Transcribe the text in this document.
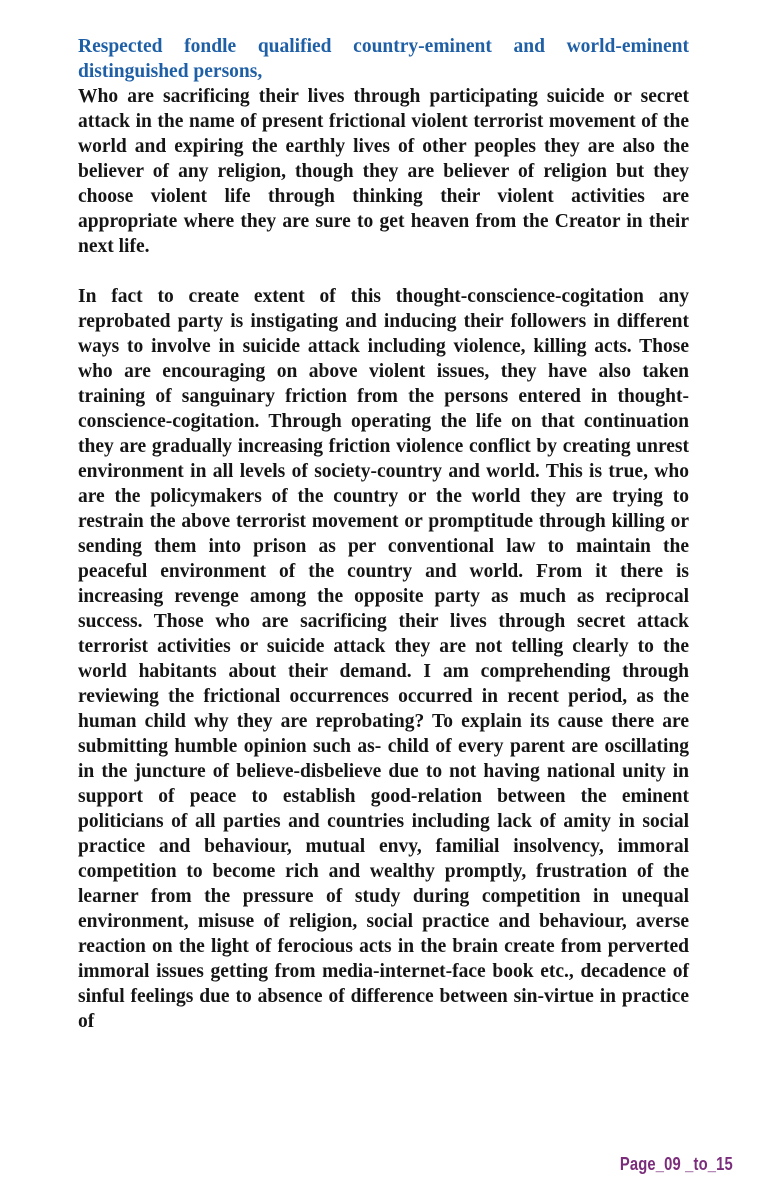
Respected fondle qualified country-eminent and world-eminent distinguished persons,

Who are sacrificing their lives through participating suicide or secret attack in the name of present frictional violent terrorist movement of the world and expiring the earthly lives of other peoples they are also the believer of any religion, though they are believer of religion but they choose violent life through thinking their violent activities are appropriate where they are sure to get heaven from the Creator in their next life.

In fact to create extent of this thought-conscience-cogitation any reprobated party is instigating and inducing their followers in different ways to involve in suicide attack including violence, killing acts. Those who are encouraging on above violent issues, they have also taken training of sanguinary friction from the persons entered in thought-conscience-cogitation. Through operating the life on that continuation they are gradually increasing friction violence conflict by creating unrest environment in all levels of society-country and world. This is true, who are the policymakers of the country or the world they are trying to restrain the above terrorist movement or promptitude through killing or sending them into prison as per conventional law to maintain the peaceful environment of the country and world. From it there is increasing revenge among the opposite party as much as reciprocal success. Those who are sacrificing their lives through secret attack terrorist activities or suicide attack they are not telling clearly to the world habitants about their demand. I am comprehending through reviewing the frictional occurrences occurred in recent period, as the human child why they are reprobating? To explain its cause there are submitting humble opinion such as- child of every parent are oscillating in the juncture of believe-disbelieve due to not having national unity in support of peace to establish good-relation between the eminent politicians of all parties and countries including lack of amity in social practice and behaviour, mutual envy, familial insolvency, immoral competition to become rich and wealthy promptly, frustration of the learner from the pressure of study during competition in unequal environment, misuse of religion, social practice and behaviour, averse reaction on the light of ferocious acts in the brain create from perverted immoral issues getting from media-internet-face book etc., decadence of sinful feelings due to absence of difference between sin-virtue in practice of

Page_09 _to_15
